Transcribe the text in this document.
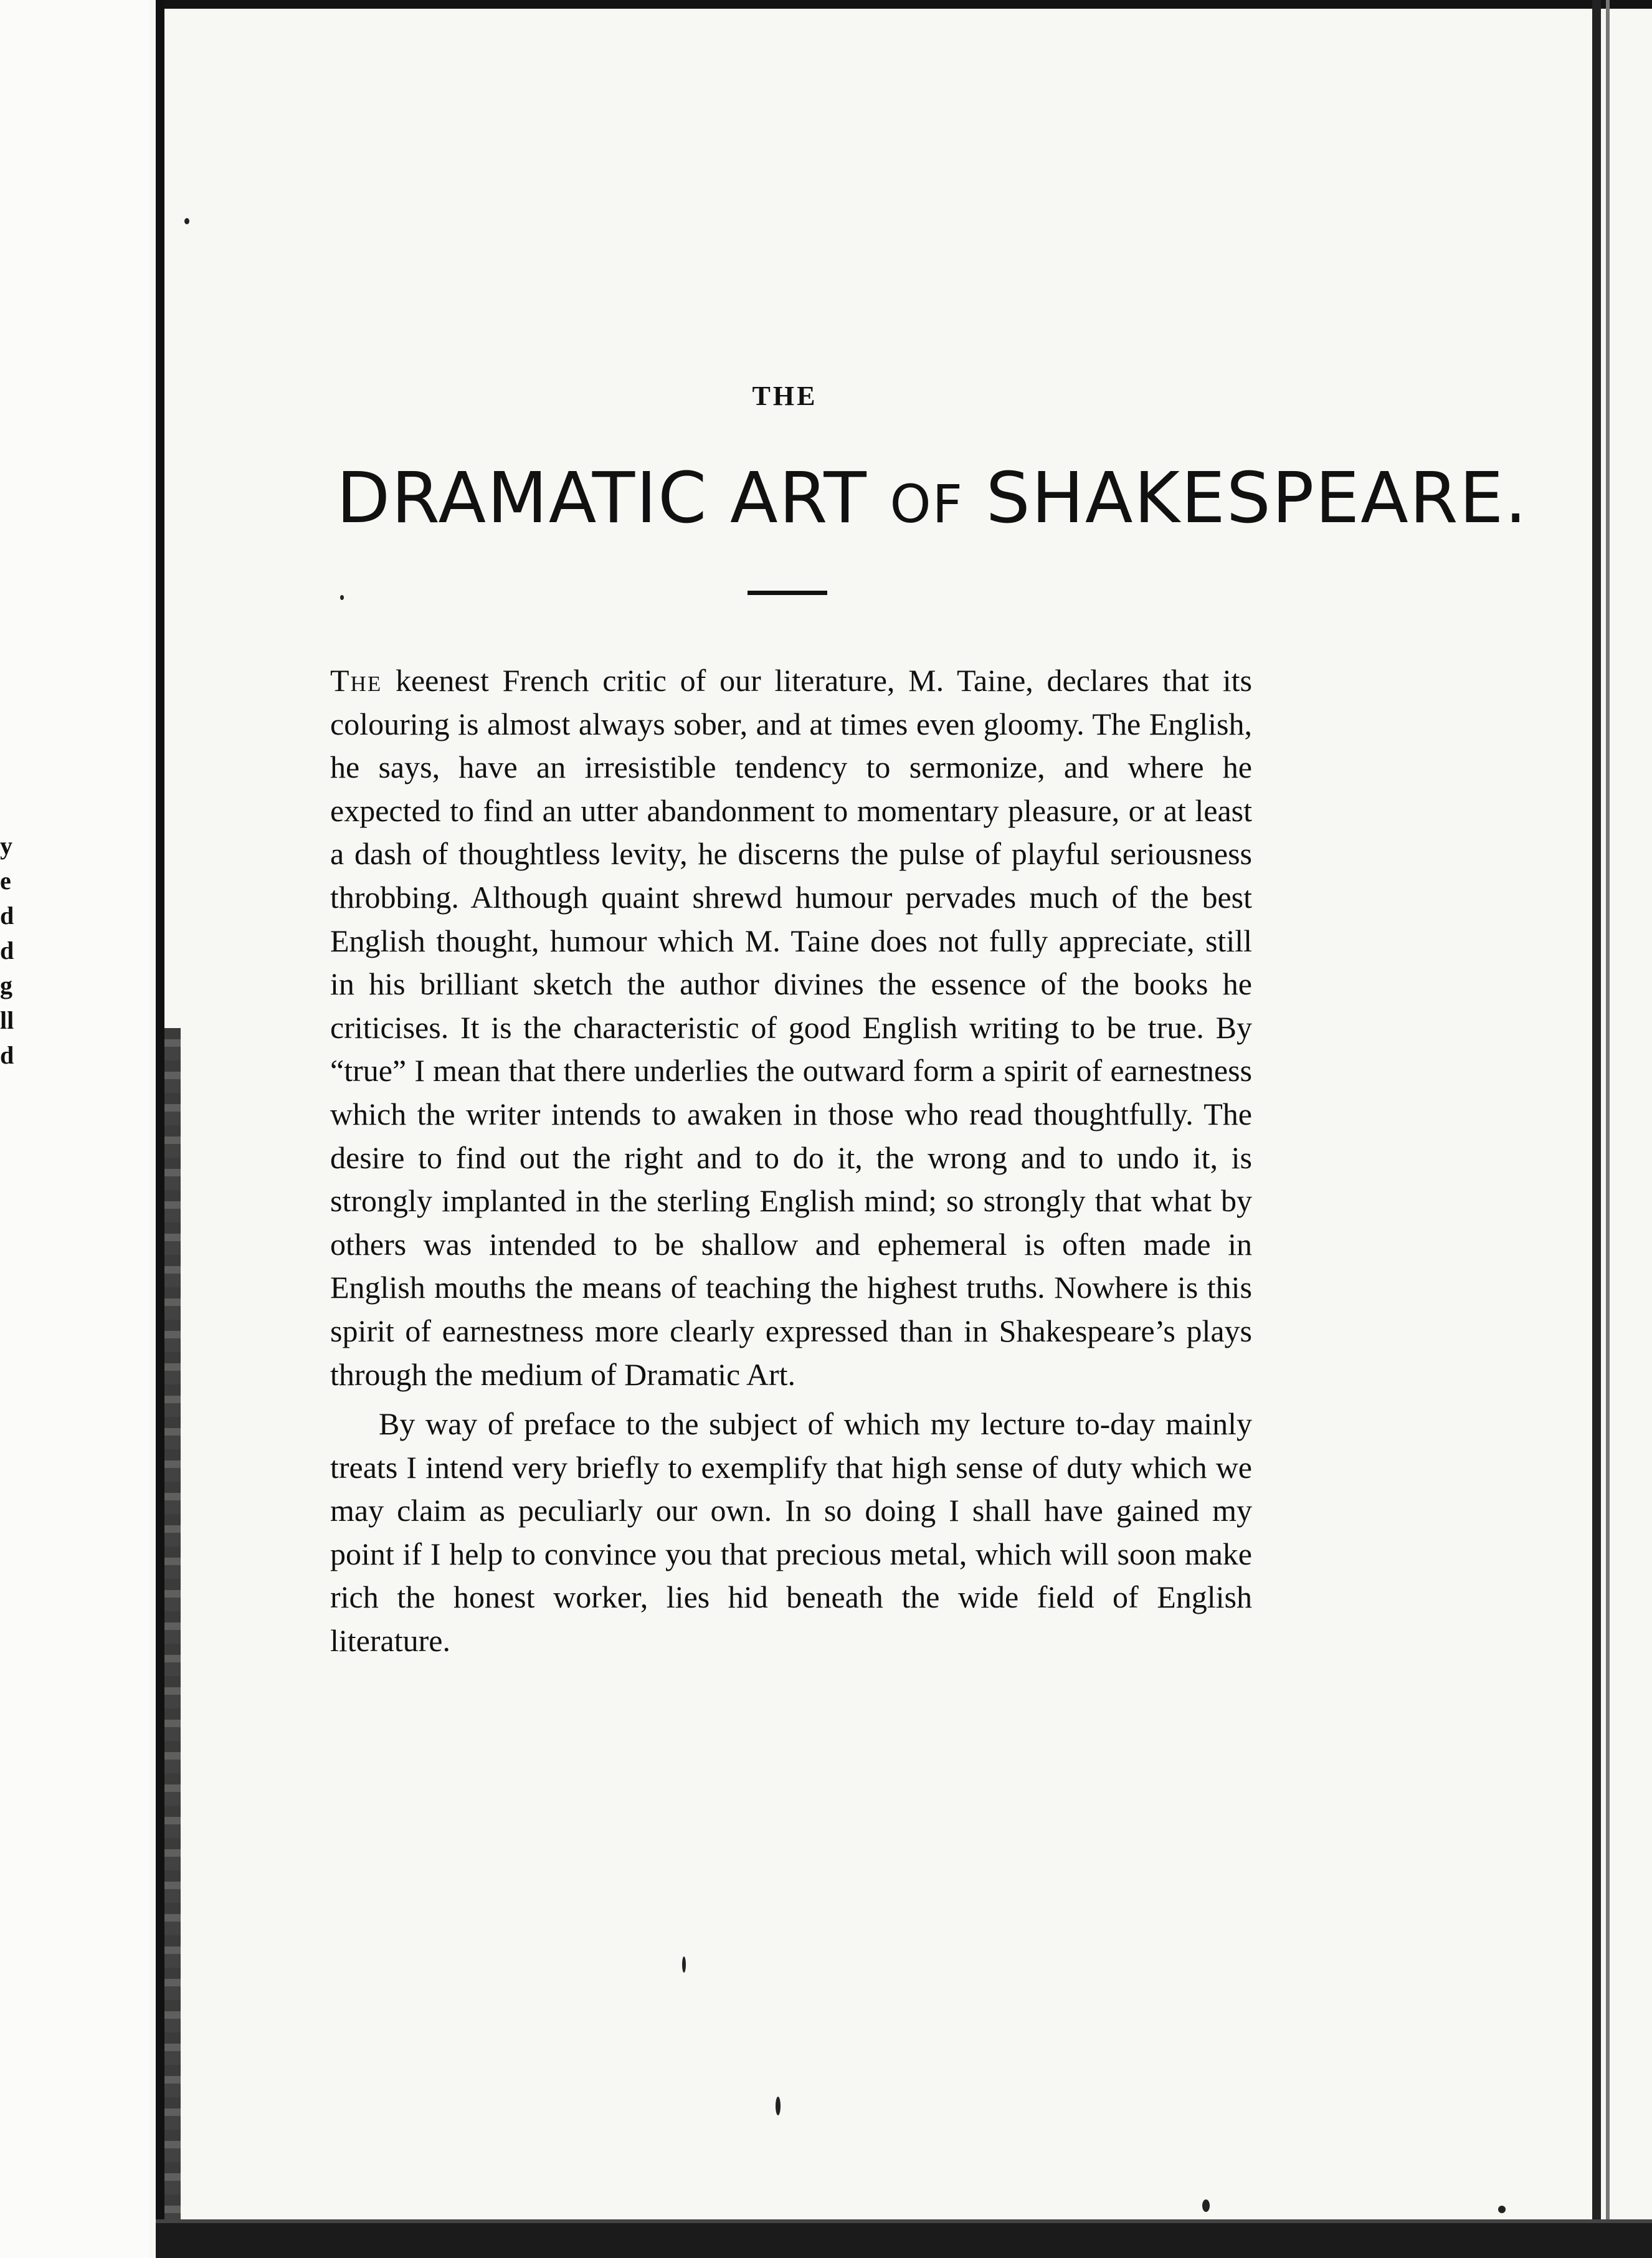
y
e
d
d
g
ll
d
THE
DRAMATIC ART OF SHAKESPEARE.

The keenest French critic of our literature, M. Taine, declares that its colouring is almost always sober, and at times even gloomy. The English, he says, have an irresistible tendency to sermonize, and where he expected to find an utter abandonment to momentary pleasure, or at least a dash of thoughtless levity, he discerns the pulse of playful seriousness throbbing. Although quaint shrewd humour pervades much of the best English thought, humour which M. Taine does not fully appreciate, still in his brilliant sketch the author divines the essence of the books he criticises. It is the characteristic of good English writing to be true. By “true” I mean that there underlies the outward form a spirit of earnestness which the writer intends to awaken in those who read thoughtfully. The desire to find out the right and to do it, the wrong and to undo it, is strongly implanted in the sterling English mind; so strongly that what by others was intended to be shallow and ephemeral is often made in English mouths the means of teaching the highest truths. Nowhere is this spirit of earnestness more clearly expressed than in Shakespeare’s plays through the medium of Dramatic Art.

By way of preface to the subject of which my lecture to-day mainly treats I intend very briefly to exemplify that high sense of duty which we may claim as peculiarly our own. In so doing I shall have gained my point if I help to convince you that precious metal, which will soon make rich the honest worker, lies hid beneath the wide field of English literature.
